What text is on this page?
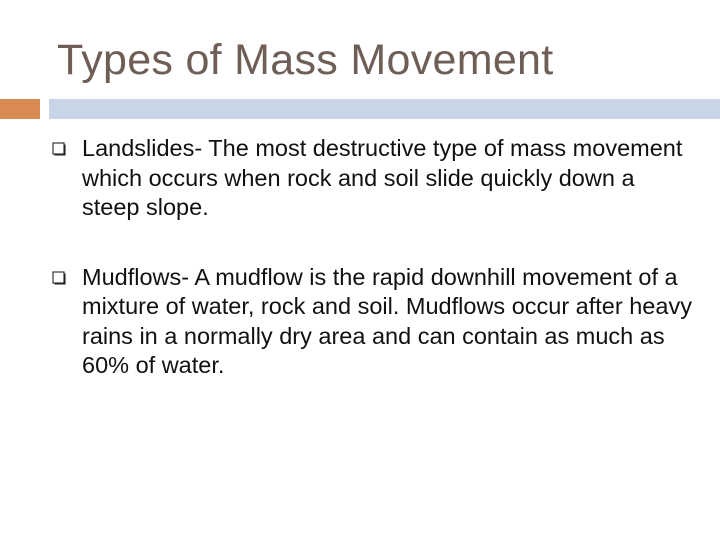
Types of Mass Movement
Landslides- The most destructive type of mass movement which occurs when rock and soil slide quickly down a steep slope.
Mudflows- A mudflow is the rapid downhill movement of a mixture of water, rock and soil. Mudflows occur after heavy rains in a normally dry area and can contain as much as 60% of water.
